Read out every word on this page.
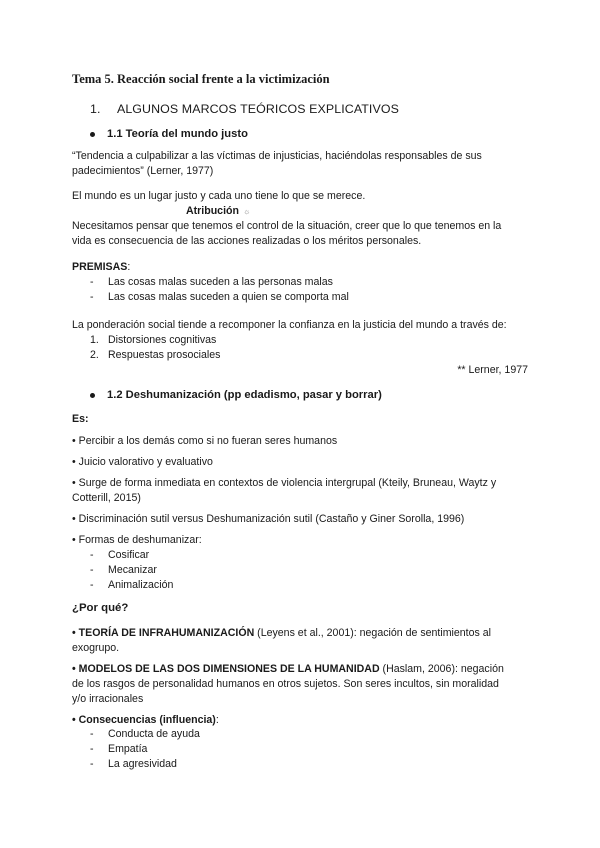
Tema 5. Reacción social frente a la victimización
1. ALGUNOS MARCOS TEÓRICOS EXPLICATIVOS
1.1 Teoría del mundo justo
“Tendencia a culpabilizar a las víctimas de injusticias, haciéndolas responsables de sus
padecimientos” (Lerner, 1977)
El mundo es un lugar justo y cada uno tiene lo que se merece.
Atribución ☼
Necesitamos pensar que tenemos el control de la situación, creer que lo que tenemos en la
vida es consecuencia de las acciones realizadas o los méritos personales.
PREMISAS:
- Las cosas malas suceden a las personas malas
- Las cosas malas suceden a quien se comporta mal
La ponderación social tiende a recomponer la confianza en la justicia del mundo a través de:
1. Distorsiones cognitivas
2. Respuestas prosociales
** Lerner, 1977
1.2 Deshumanización (pp edadismo, pasar y borrar)
Es:
• Percibir a los demás como si no fueran seres humanos
• Juicio valorativo y evaluativo
• Surge de forma inmediata en contextos de violencia intergrupal (Kteily, Bruneau, Waytz y
Cotterill, 2015)
• Discriminación sutil versus Deshumanización sutil (Castaño y Giner Sorolla, 1996)
• Formas de deshumanizar:
- Cosificar
- Mecanizar
- Animalización
¿Por qué?
• TEORÍA DE INFRAHUMANIZACIÓN (Leyens et al., 2001): negación de sentimientos al
exogrupo.
• MODELOS DE LAS DOS DIMENSIONES DE LA HUMANIDAD (Haslam, 2006): negación
de los rasgos de personalidad humanos en otros sujetos. Son seres incultos, sin moralidad
y/o irracionales
• Consecuencias (influencia):
- Conducta de ayuda
- Empatía
- La agresividad
